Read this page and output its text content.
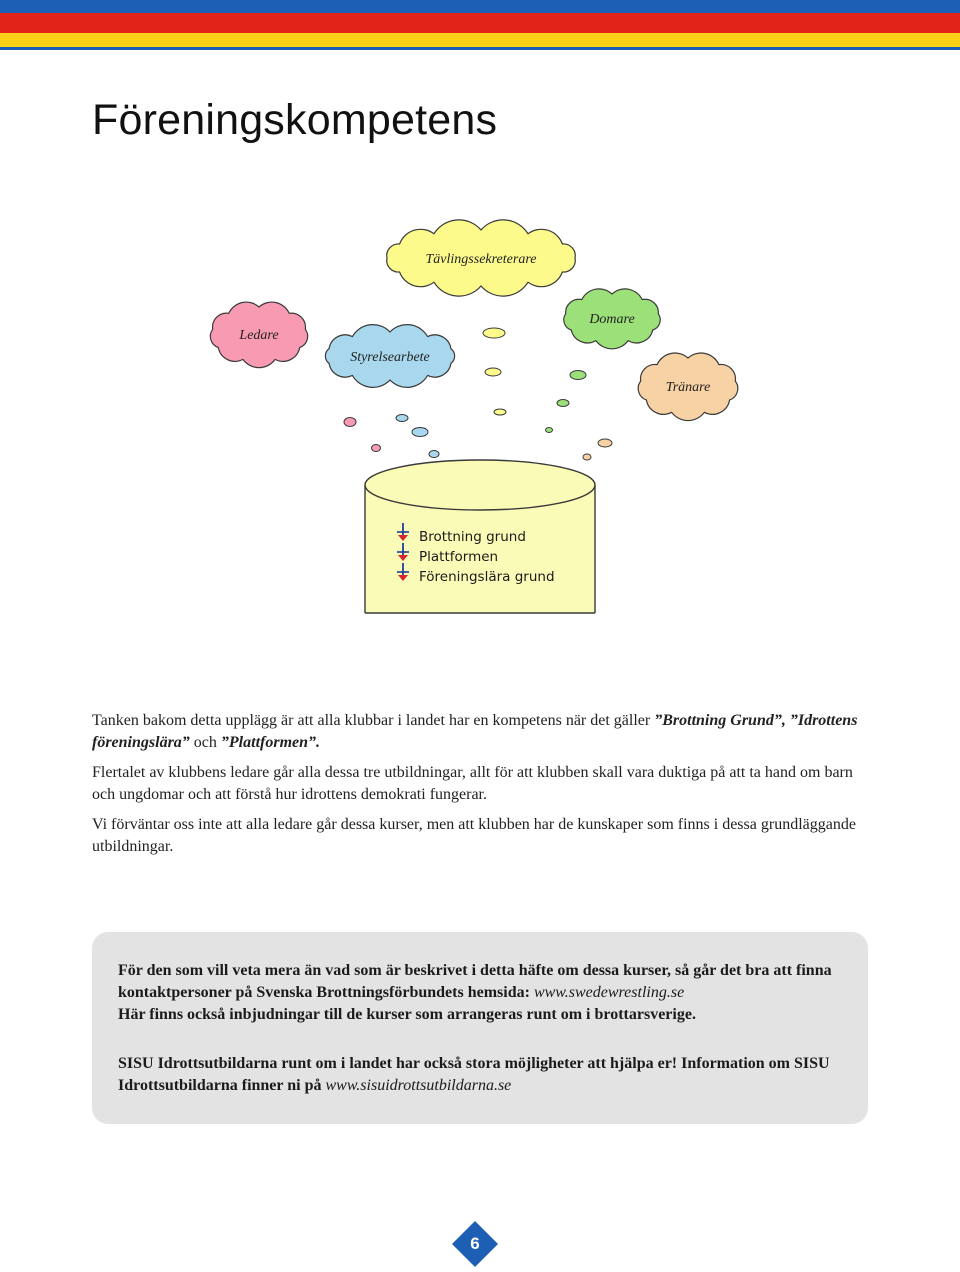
Föreningskompetens
Tävlingssekreterare
Ledare
Styrelsearbete
Domare
Tränare
Brottning grund
Plattformen
Föreningslära grund

Tanken bakom detta upplägg är att alla klubbar i landet har en kompetens när det gäller ”Brottning Grund”, ”Idrottens föreningslära” och ”Plattformen”.

Flertalet av klubbens ledare går alla dessa tre utbildningar, allt för att klubben skall vara duktiga på att ta hand om barn och ungdomar och att förstå hur idrottens demokrati fungerar.

Vi förväntar oss inte att alla ledare går dessa kurser, men att klubben har de kunskaper som finns i dessa grundläggande utbildningar.

För den som vill veta mera än vad som är beskrivet i detta häfte om dessa kurser, så går det bra att finna kontaktpersoner på Svenska Brottningsförbundets hemsida: www.swedewrestling.se
Här finns också inbjudningar till de kurser som arrangeras runt om i brottarsverige.

SISU Idrottsutbildarna runt om i landet har också stora möjligheter att hjälpa er! Information om SISU Idrottsutbildarna finner ni på www.sisuidrottsutbildarna.se

6
